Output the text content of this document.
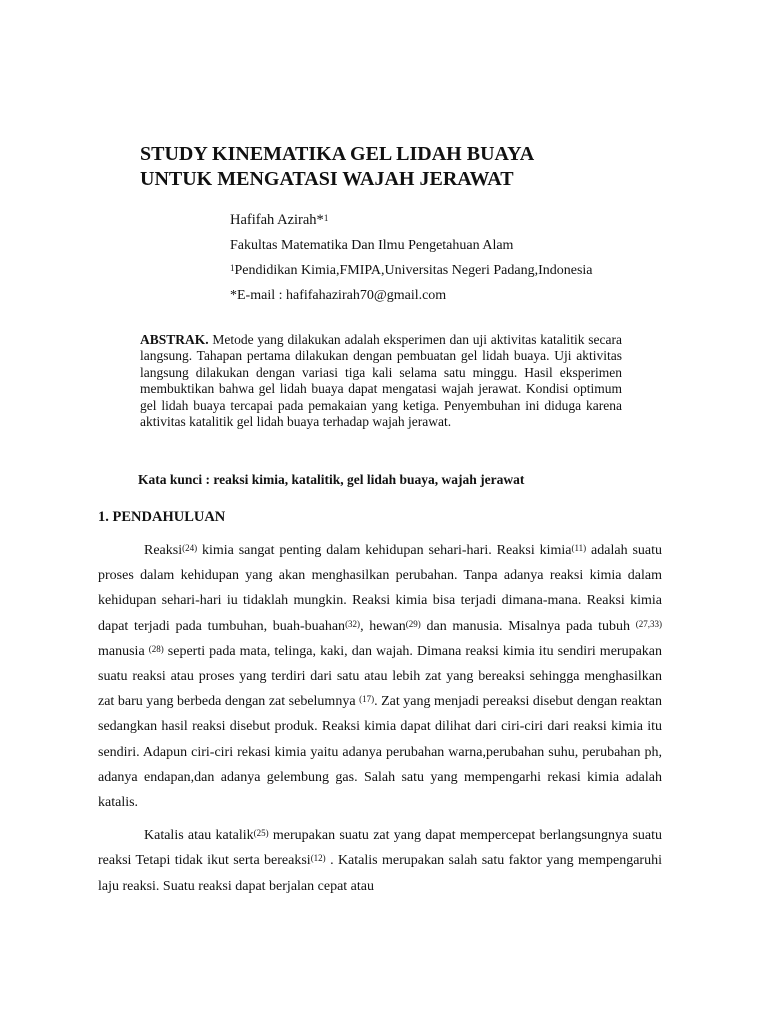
STUDY KINEMATIKA GEL LIDAH BUAYA
UNTUK MENGATASI WAJAH JERAWAT
Hafifah Azirah*$^1$
Fakultas Matematika Dan Ilmu Pengetahuan Alam
$^1$Pendidikan Kimia,FMIPA,Universitas Negeri Padang,Indonesia
*E-mail : hafifahazirah70@gmail.com

ABSTRAK. Metode yang dilakukan adalah eksperimen dan uji aktivitas katalitik secara langsung. Tahapan pertama dilakukan dengan pembuatan gel lidah buaya. Uji aktivitas langsung dilakukan dengan variasi tiga kali selama satu minggu. Hasil eksperimen membuktikan bahwa gel lidah buaya dapat mengatasi wajah jerawat. Kondisi optimum gel lidah buaya tercapai pada pemakaian yang ketiga. Penyembuhan ini diduga karena aktivitas katalitik gel lidah buaya terhadap wajah jerawat.

Kata kunci : reaksi kimia, katalitik, gel lidah buaya, wajah jerawat

1. PENDAHULUAN

Reaksi$^{(24)}$ kimia sangat penting dalam kehidupan sehari-hari. Reaksi kimia$^{(11)}$ adalah suatu proses dalam kehidupan yang akan menghasilkan perubahan. Tanpa adanya reaksi kimia dalam kehidupan sehari-hari iu tidaklah mungkin. Reaksi kimia bisa terjadi dimana-mana. Reaksi kimia dapat terjadi pada tumbuhan, buah-buahan$^{(32)}$, hewan$^{(29)}$ dan manusia. Misalnya pada tubuh $^{(27,33)}$ manusia $^{(28)}$ seperti pada mata, telinga, kaki, dan wajah. Dimana reaksi kimia itu sendiri merupakan suatu reaksi atau proses yang terdiri dari satu atau lebih zat yang bereaksi sehingga menghasilkan zat baru yang berbeda dengan zat sebelumnya $^{(17)}$. Zat yang menjadi pereaksi disebut dengan reaktan sedangkan hasil reaksi disebut produk. Reaksi kimia dapat dilihat dari ciri-ciri dari reaksi kimia itu sendiri. Adapun ciri-ciri rekasi kimia yaitu adanya perubahan warna,perubahan suhu, perubahan ph, adanya endapan,dan adanya gelembung gas. Salah satu yang mempengarhi rekasi kimia adalah katalis.

Katalis atau katalik$^{(25)}$ merupakan suatu zat yang dapat mempercepat berlangsungnya suatu reaksi Tetapi tidak ikut serta bereaksi$^{(12)}$ . Katalis merupakan salah satu faktor yang mempengaruhi laju reaksi. Suatu reaksi dapat berjalan cepat atau
